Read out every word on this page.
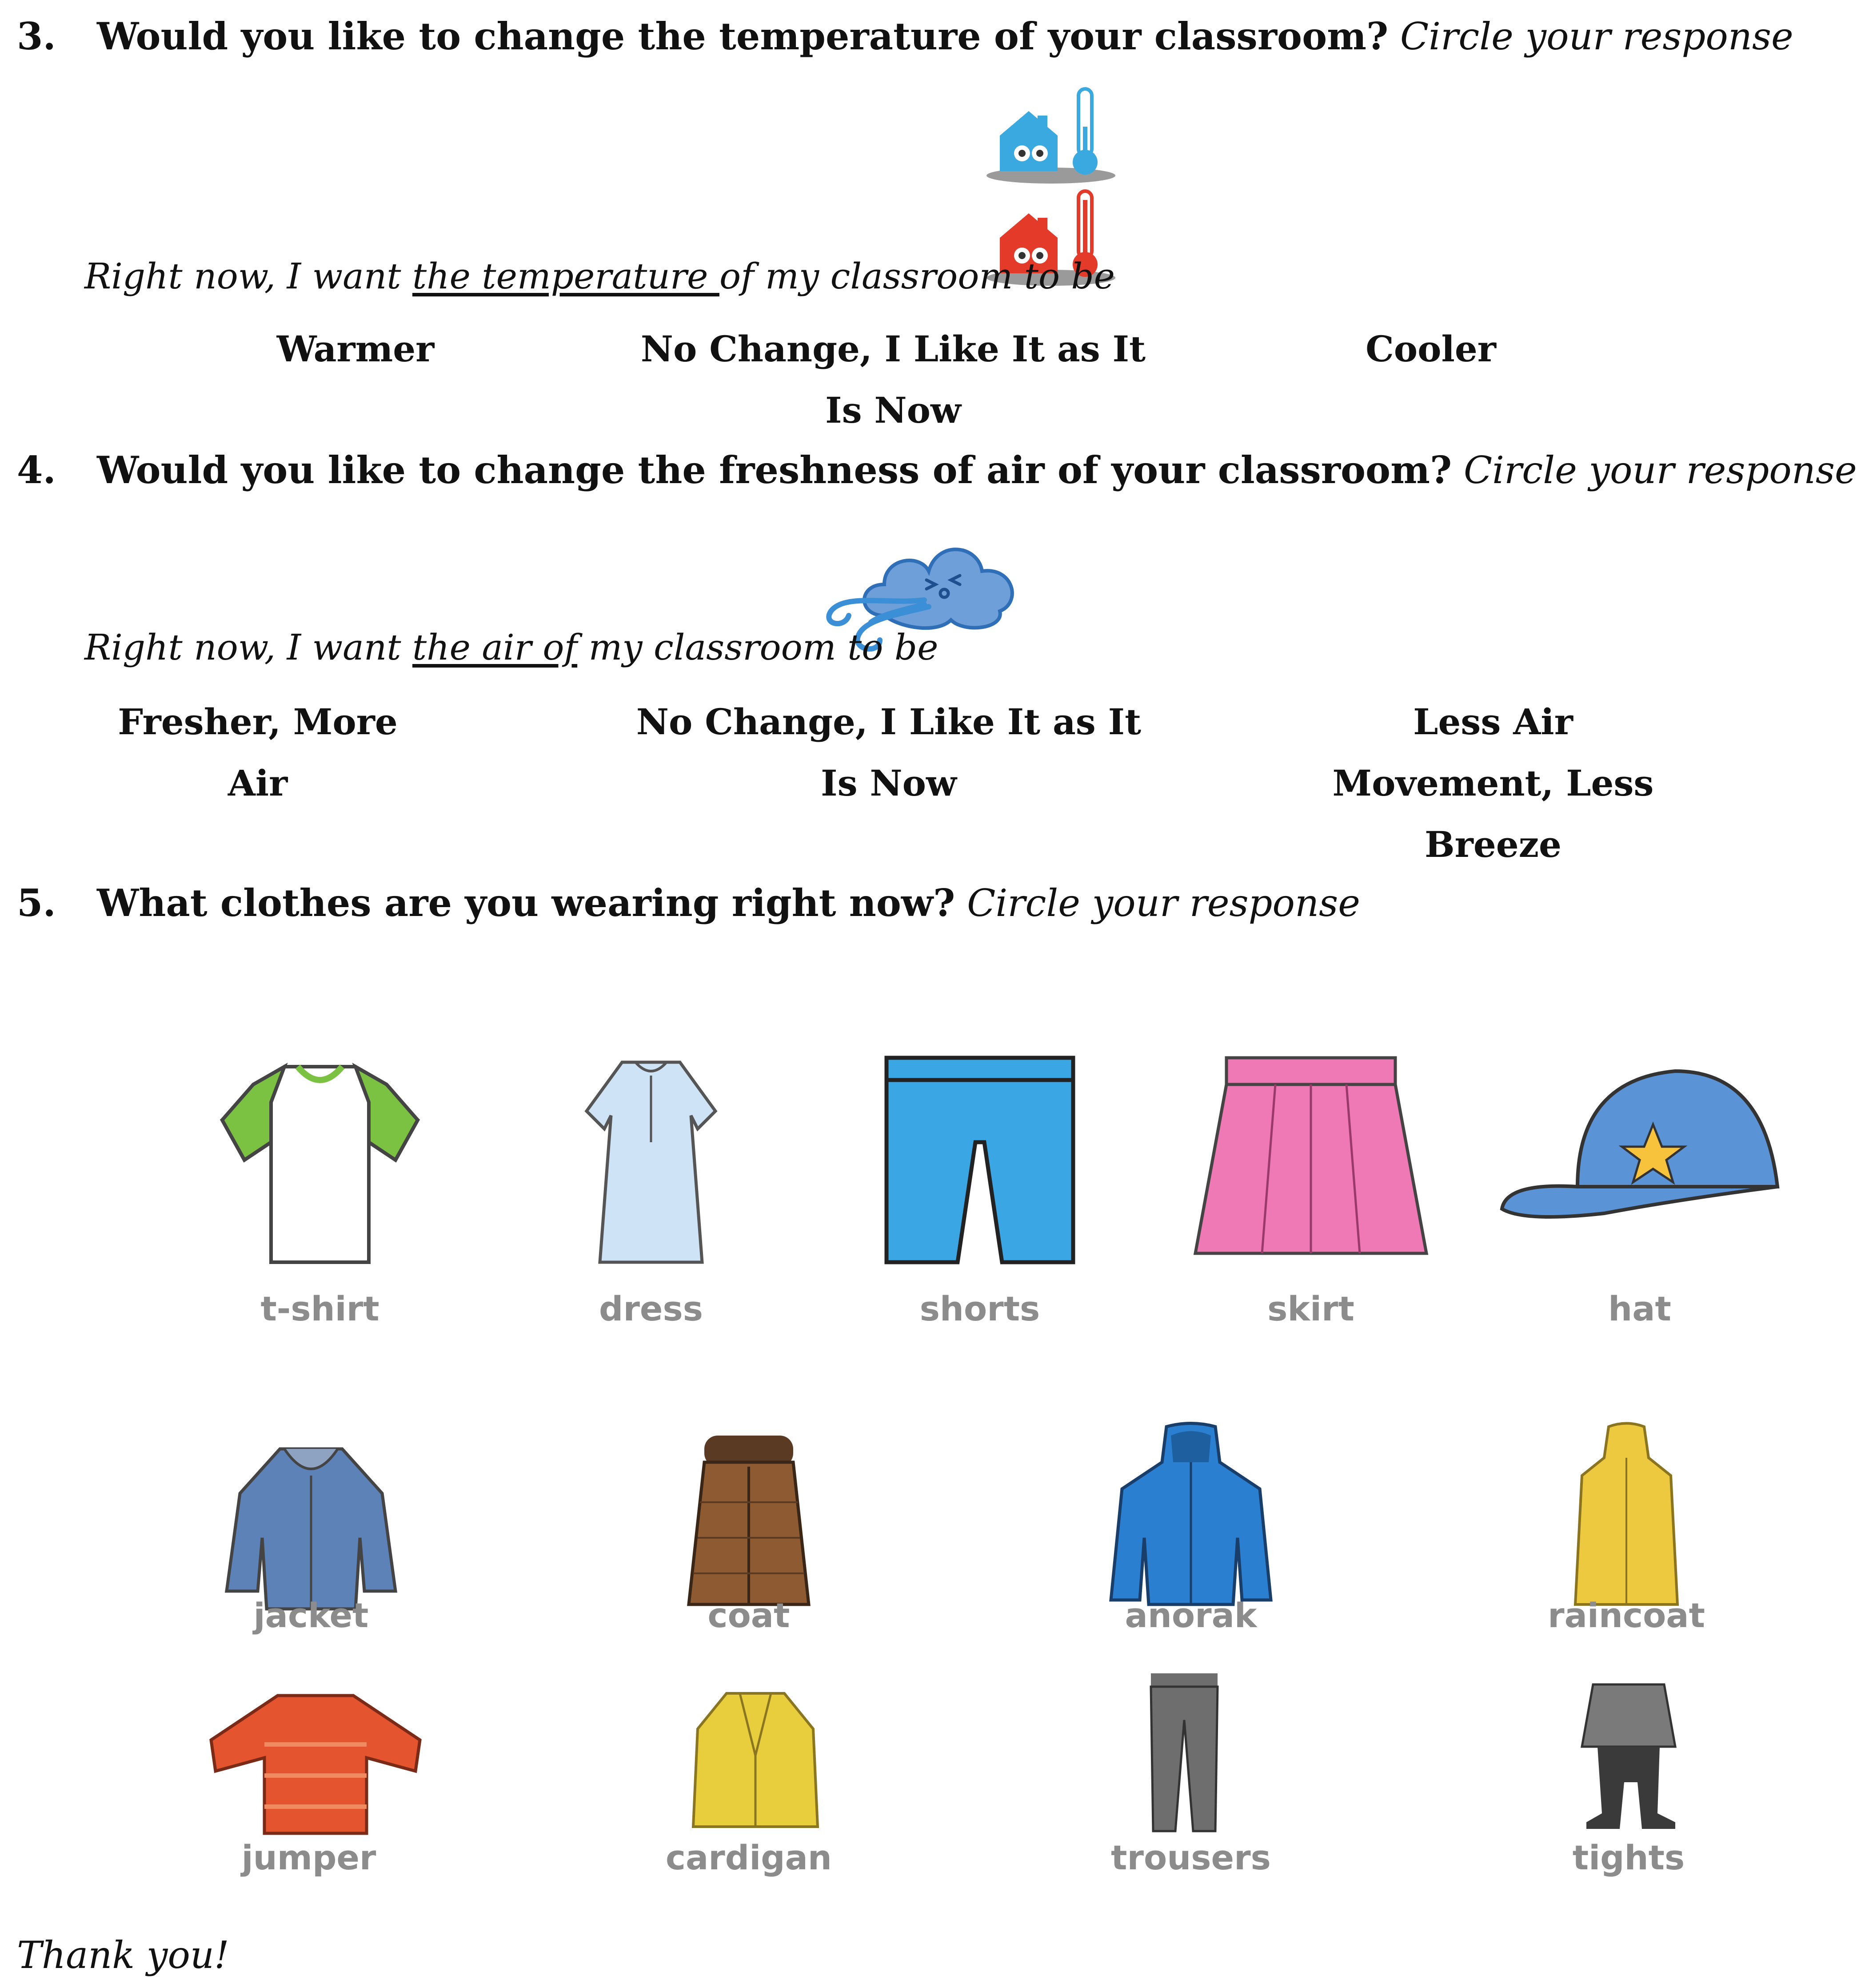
3. Would you like to change the temperature of your classroom? Circle your response
Right now, I want the temperature of my classroom to be
Warmer	No Change, I Like It as It Is Now
Cooler
4. Would you like to change the freshness of air of your classroom? Circle your response
Right now, I want the air of my classroom to be
Fresher, More Air
No Change, I Like It as It Is Now
Less Air Movement, Less Breeze
5. What clothes are you wearing right now? Circle your response
t-shirt	dress	shorts	skirt	hat
jacket	coat	anorak	raincoat
jumper	cardigan	trousers	tights
Thank you!
